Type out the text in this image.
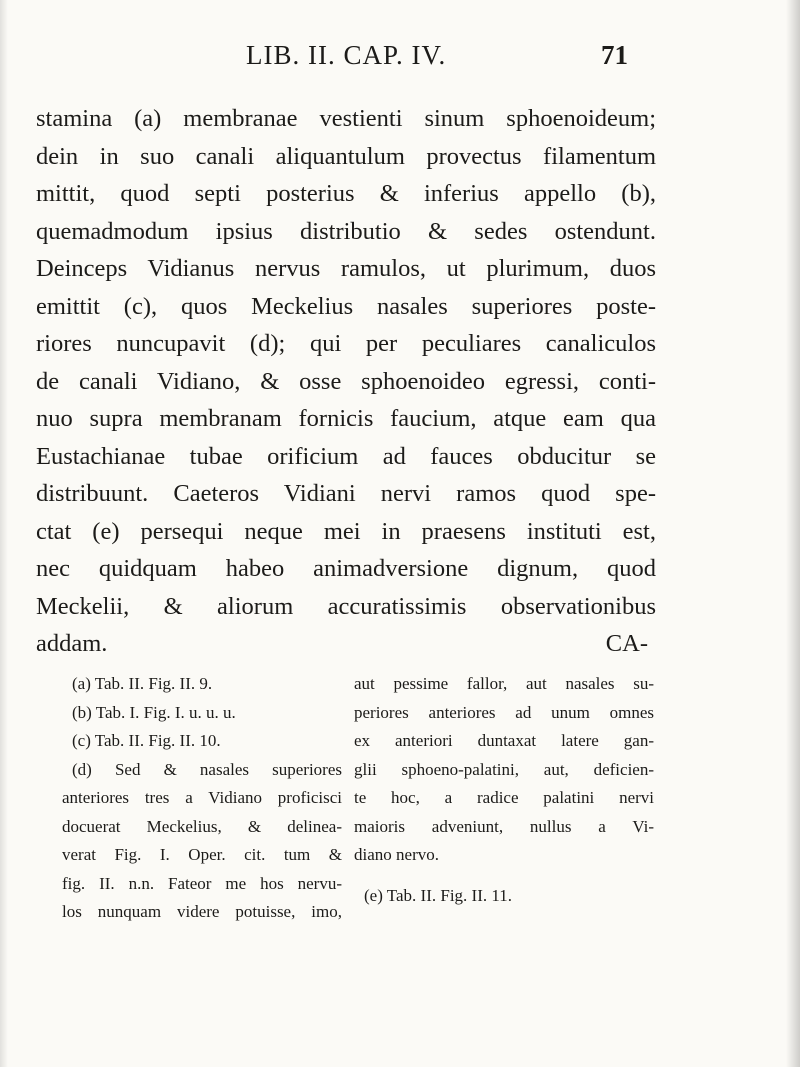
LIB. II. CAP. IV.	71
stamina (a) membranae vestienti sinum sphoenoideum;
dein in suo canali aliquantulum provectus filamentum
mittit, quod septi posterius & inferius appello (b),
quemadmodum ipsius distributio & sedes ostendunt.
Deinceps Vidianus nervus ramulos, ut plurimum, duos
emittit (c), quos Meckelius nasales superiores poste-
riores nuncupavit (d); qui per peculiares canaliculos
de canali Vidiano, & osse sphoenoideo egressi, conti-
nuo supra membranam fornicis faucium, atque eam qua
Eustachianae tubae orificium ad fauces obducitur se
distribuunt. Caeteros Vidiani nervi ramos quod spe-
ctat (e) persequi neque mei in praesens instituti est,
nec quidquam habeo animadversione dignum, quod
Meckelii, & aliorum accuratissimis observationibus
addam.	CA-
(a) Tab. II. Fig. II. 9.
(b) Tab. I. Fig. I. u. u. u.
(c) Tab. II. Fig. II. 10.
(d) Sed & nasales superiores
anteriores tres a Vidiano proficisci
docuerat Meckelius, & delinea-
verat Fig. I. Oper. cit. tum &
fig. II. n.n. Fateor me hos nervu-
los nunquam videre potuisse, imo,
aut pessime fallor, aut nasales su-
periores anteriores ad unum omnes
ex anteriori duntaxat latere gan-
glii sphoeno-palatini, aut, deficien-
te hoc, a radice palatini nervi
maioris adveniunt, nullus a Vi-
diano nervo.
(e) Tab. II. Fig. II. 11.
